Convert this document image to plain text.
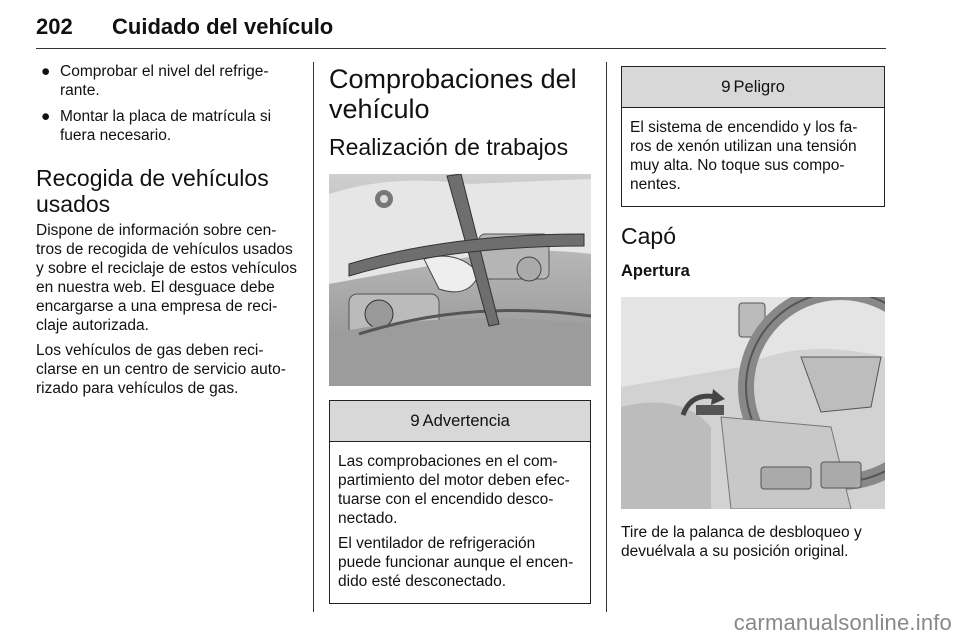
202 Cuidado del vehículo
● Comprobar el nivel del refrige-
rante.
● Montar la placa de matrícula si
fuera necesario.
Recogida de vehículos usados

Dispone de información sobre cen-tros de recogida de vehículos usados y sobre el reciclaje de estos vehículos en nuestra web. El desguace debe encargarse a una empresa de reci-claje autorizada.

Los vehículos de gas deben reci-clarse en un centro de servicio auto-rizado para vehículos de gas.

Comprobaciones del vehículo
Realización de trabajos
9 Advertencia

Las comprobaciones en el com-partimiento del motor deben efec-tuarse con el encendido desco-nectado.

El ventilador de refrigeración puede funcionar aunque el encen-dido esté desconectado.

9 Peligro

El sistema de encendido y los fa-ros de xenón utilizan una tensión muy alta. No toque sus compo-nentes.

Capó
Apertura

Tire de la palanca de desbloqueo y devuélvala a su posición original.

carmanualsonline.info
